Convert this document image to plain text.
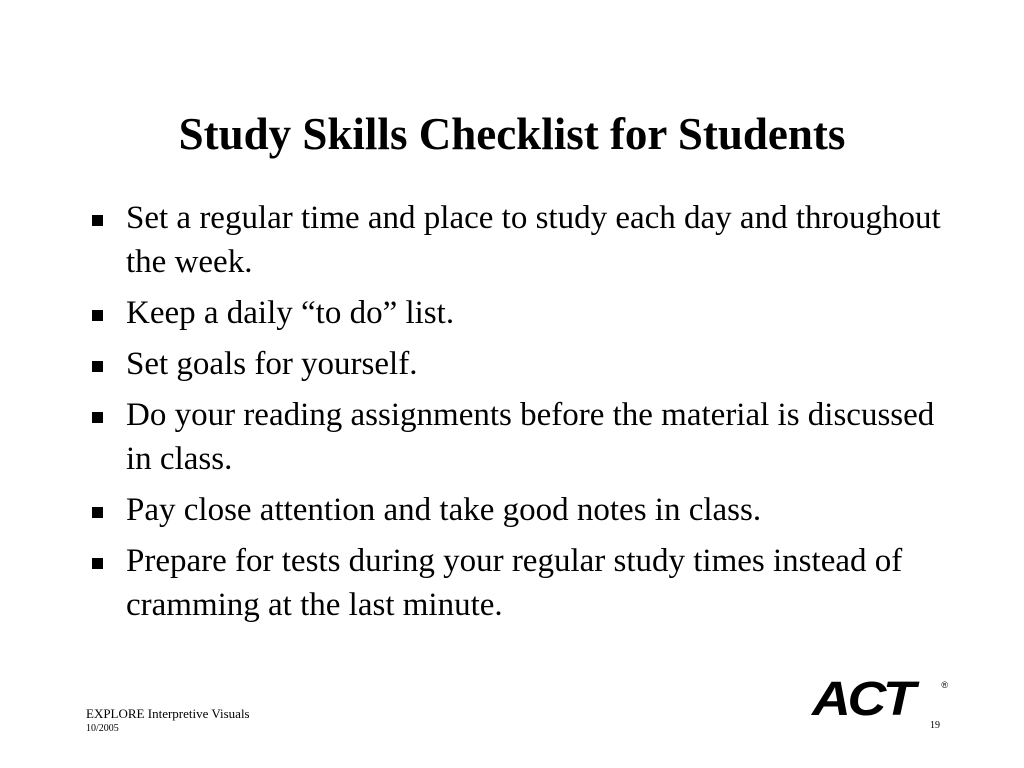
Study Skills Checklist for Students
Set a regular time and place to study each day and throughout the week.
Keep a daily “to do” list.
Set goals for yourself.
Do your reading assignments before the material is discussed in class.
Pay close attention and take good notes in class.
Prepare for tests during your regular study times instead of cramming at the last minute.
EXPLORE Interpretive Visuals
10/2005
ACT	®
19
